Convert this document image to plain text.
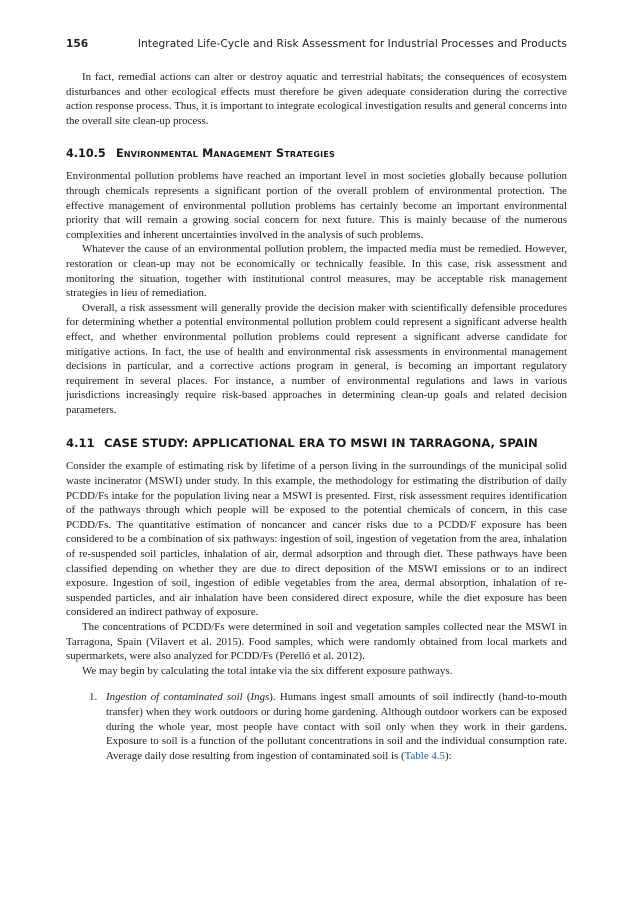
156	Integrated Life-Cycle and Risk Assessment for Industrial Processes and Products

In fact, remedial actions can alter or destroy aquatic and terrestrial habitats; the consequences of ecosystem disturbances and other ecological effects must therefore be given adequate consideration during the corrective action response process. Thus, it is important to integrate ecological investigation results and general concerns into the overall site clean-up process.

4.10.5 Environmental Management Strategies

Environmental pollution problems have reached an important level in most societies globally because pollution through chemicals represents a significant portion of the overall problem of environmental protection. The effective management of environmental pollution problems has certainly become an important environmental priority that will remain a growing social concern for next future. This is mainly because of the numerous complexities and inherent uncertainties involved in the analysis of such problems.

Whatever the cause of an environmental pollution problem, the impacted media must be remedied. However, restoration or clean-up may not be economically or technically feasible. In this case, risk assessment and monitoring the situation, together with institutional control measures, may be acceptable risk management strategies in lieu of remediation.

Overall, a risk assessment will generally provide the decision maker with scientifically defensible procedures for determining whether a potential environmental pollution problem could represent a significant adverse health effect, and whether environmental pollution problems could represent a significant adverse candidate for mitigative actions. In fact, the use of health and environmental risk assessments in environmental management decisions in particular, and a corrective actions program in general, is becoming an important regulatory requirement in several places. For instance, a number of environmental regulations and laws in various jurisdictions increasingly require risk-based approaches in determining clean-up goals and related decision parameters.

4.11 CASE STUDY: APPLICATIONAL ERA TO MSWI IN TARRAGONA, SPAIN

Consider the example of estimating risk by lifetime of a person living in the surroundings of the municipal solid waste incinerator (MSWI) under study. In this example, the methodology for estimating the distribution of daily PCDD/Fs intake for the population living near a MSWI is presented. First, risk assessment requires identification of the pathways through which people will be exposed to the potential chemicals of concern, in this case PCDD/Fs. The quantitative estimation of noncancer and cancer risks due to a PCDD/F exposure has been considered to be a combination of six pathways: ingestion of soil, ingestion of vegetation from the area, inhalation of re-suspended soil particles, inhalation of air, dermal adsorption and through diet. These pathways have been classified depending on whether they are due to direct deposition of the MSWI emissions or to an indirect exposure. Ingestion of soil, ingestion of edible vegetables from the area, dermal absorption, inhalation of re-suspended particles, and air inhalation have been considered direct exposure, while the diet exposure has been considered an indirect pathway of exposure.

The concentrations of PCDD/Fs were determined in soil and vegetation samples collected near the MSWI in Tarragona, Spain (Vilavert et al. 2015). Food samples, which were randomly obtained from local markets and supermarkets, were also analyzed for PCDD/Fs (Perelló et al. 2012).

We may begin by calculating the total intake via the six different exposure pathways.

1. Ingestion of contaminated soil (Ings). Humans ingest small amounts of soil indirectly (hand-to-mouth transfer) when they work outdoors or during home gardening. Although outdoor workers can be exposed during the whole year, most people have contact with soil only when they work in their gardens. Exposure to soil is a function of the pollutant concentrations in soil and the individual consumption rate. Average daily dose resulting from ingestion of contaminated soil is (Table 4.5):
